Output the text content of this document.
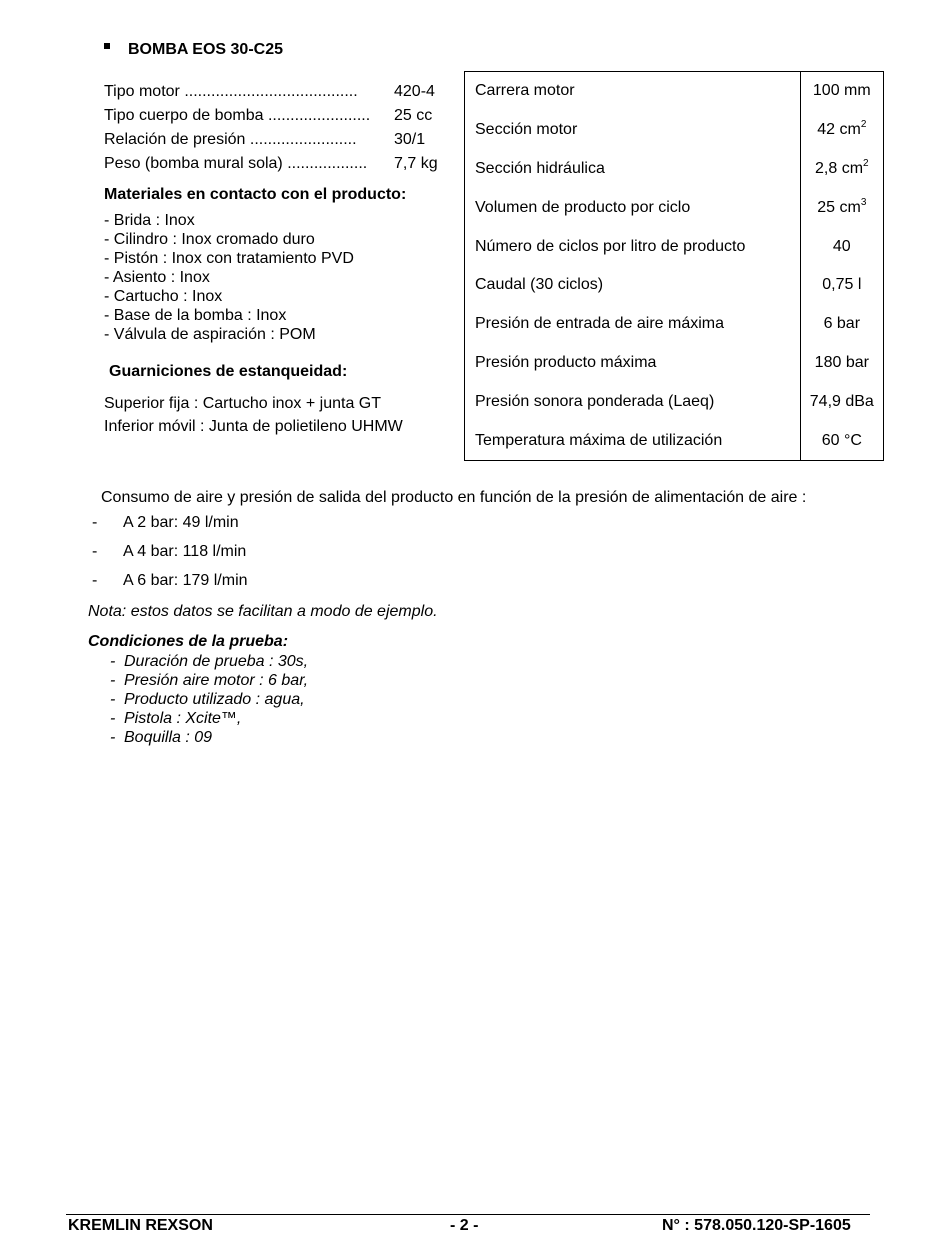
BOMBA EOS 30-C25
Tipo motor ....................................... 420-4
Tipo cuerpo de bomba ....................... 25 cc
Relación de presión ........................ 30/1
Peso (bomba mural sola) .................. 7,7 kg
Materiales en contacto con el producto:
- Brida : Inox
- Cilindro : Inox cromado duro
- Pistón : Inox con tratamiento PVD
- Asiento : Inox
- Cartucho : Inox
- Base de la bomba : Inox
- Válvula de aspiración : POM
Guarniciones de estanqueidad:
Superior fija : Cartucho inox + junta GT
Inferior móvil : Junta de polietileno UHMW
Carrera motor	100 mm
Sección motor	42 $cm^2$
Sección hidráulica	2,8 $cm^2$
Volumen de producto por ciclo	25 $cm^3$
Número de ciclos por litro de producto	40
Caudal (30 ciclos)	0,75 l
Presión de entrada de aire máxima	6 bar
Presión producto máxima	180 bar
Presión sonora ponderada (Laeq)	74,9 dBa
Temperatura máxima de utilización	60 °C
Consumo de aire y presión de salida del producto en función de la presión de alimentación de aire :
- A 2 bar: 49 l/min
- A 4 bar: 118 l/min
- A 6 bar: 179 l/min
Nota: estos datos se facilitan a modo de ejemplo.
Condiciones de la prueba:
- Duración de prueba : 30s,
- Presión aire motor : 6 bar,
- Producto utilizado : agua,
- Pistola : Xcite™,
- Boquilla : 09
KREMLIN REXSON	- 2 -	N° : 578.050.120-SP-1605
